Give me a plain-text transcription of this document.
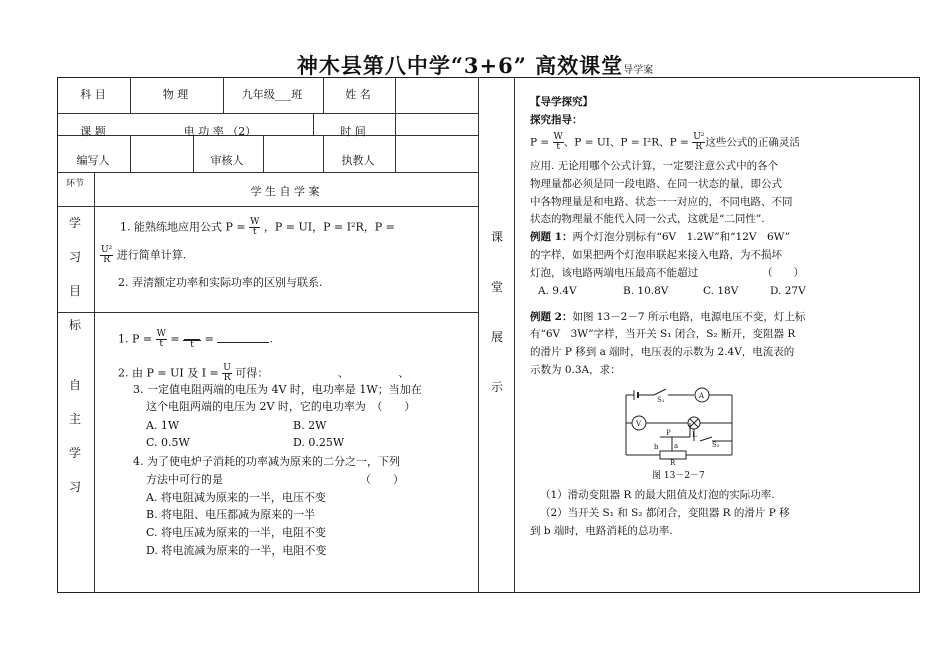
神木县第八中学“3+6” 高效课堂导学案
科 目	物 理	九年级___班	姓 名
课 题	电 功 率 （2）	时 间
编写人	审核人	执教人
环节
学 生 自 学 案
学
习
目
标
1. 能熟练地应用公式 $P = \frac{W}{t}$ ，P = UI，P = I²R，P =
$\frac{\text{U²}}{R}$ 进行简单计算.
2. 弄清额定功率和实际功率的区别与联系.
自
主
学
习
1. $P = \frac{W}{t}$ =	t =	.
2. 由 P = UI 及 $I = \frac{U}{R}$ 可得：	、	、
3. 一定值电阻两端的电压为 4V 时，电功率是 1W；当加在
这个电阻两端的电压为 2V 时，它的电功率为　（　　）
A. 1W	B. 2W
C. 0.5W	D. 0.25W
4. 为了使电炉子消耗的功率减为原来的二分之一，下列
方法中可行的是	（　　）
A. 将电阻减为原来的一半，电压不变
B. 将电阻、电压都减为原来的一半
C. 将电压减为原来的一半，电阻不变
D. 将电流减为原来的一半，电阻不变
课
堂
展
示
【导学探究】
探究指导：
$P = \frac{W}{t}$ 、P = UI、P = I²R、$P = \frac{\text{U²}}{R}$ 这些公式的正确灵活
应用. 无论用哪个公式计算，一定要注意公式中的各个
物理量都必须是同一段电路、在同一状态的量，即公式
中各物理量是和电路、状态一一对应的，不同电路、不同
状态的物理量不能代入同一公式，这就是“二同性”.
例题 1：两个灯泡分别标有“6V　1.2W”和“12V　6W”
的字样，如果把两个灯泡串联起来接入电路，为不损坏
灯泡，该电路两端电压最高不能超过	（　　）
A. 9.4V	B. 10.8V	C. 18V	D. 27V
例题 2：如图 13－2－7 所示电路，电源电压不变，灯上标
有“6V　3W”字样，当开关 S₁ 闭合，S₂ 断开，变阻器 R
的滑片 P 移到 a 端时，电压表的示数为 2.4V，电流表的
示数为 0.3A，求：
S₁	A
V
P
a
b
R
L
S₂
图 13－2－7
（1）滑动变阻器 R 的最大阻值及灯泡的实际功率.
（2）当开关 S₁ 和 S₂ 都闭合，变阻器 R 的滑片 P 移
到 b 端时，电路消耗的总功率.
